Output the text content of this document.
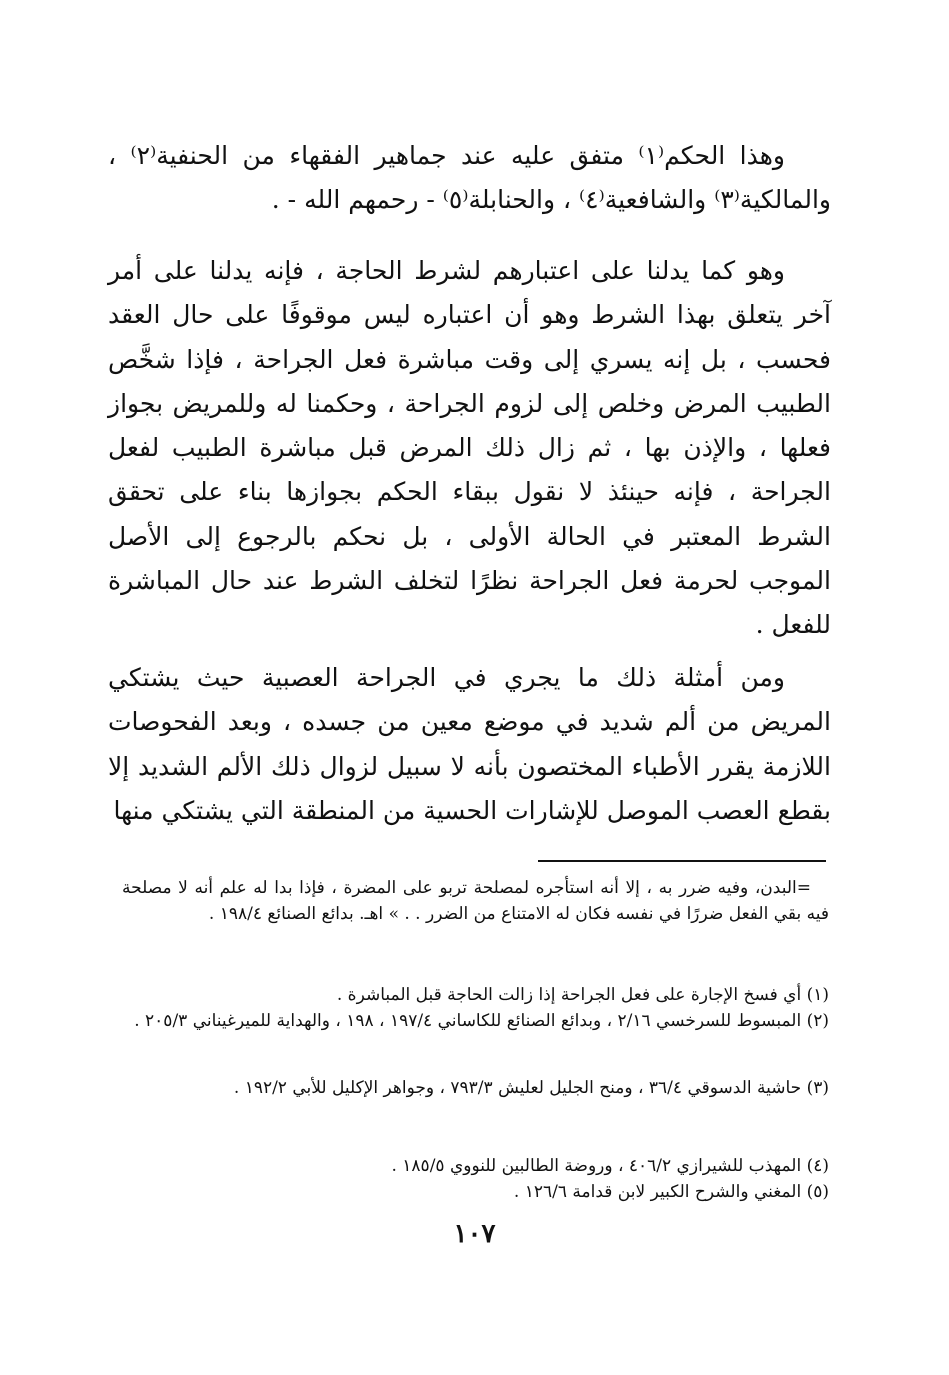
وهذا الحكم⁽١⁾ متفق عليه عند جماهير الفقهاء من الحنفية⁽٢⁾ ، والمالكية⁽٣⁾ والشافعية⁽٤⁾ ، والحنابلة⁽٥⁾ - رحمهم الله - .

وهو كما يدلنا على اعتبارهم لشرط الحاجة ، فإنه يدلنا على أمر آخر يتعلق بهذا الشرط وهو أن اعتباره ليس موقوفًا على حال العقد فحسب ، بل إنه يسري إلى وقت مباشرة فعل الجراحة ، فإذا شخَّص الطبيب المرض وخلص إلى لزوم الجراحة ، وحكمنا له وللمريض بجواز فعلها ، والإذن بها ، ثم زال ذلك المرض قبل مباشرة الطبيب لفعل الجراحة ، فإنه حينئذ لا نقول ببقاء الحكم بجوازها بناء على تحقق الشرط المعتبر في الحالة الأولى ، بل نحكم بالرجوع إلى الأصل الموجب لحرمة فعل الجراحة نظرًا لتخلف الشرط عند حال المباشرة للفعل .

ومن أمثلة ذلك ما يجري في الجراحة العصبية حيث يشتكي المريض من ألم شديد في موضع معين من جسده ، وبعد الفحوصات اللازمة يقرر الأطباء المختصون بأنه لا سبيل لزوال ذلك الألم الشديد إلا بقطع العصب الموصل للإشارات الحسية من المنطقة التي يشتكي منها

=البدن، وفيه ضرر به ، إلا أنه استأجره لمصلحة تربو على المضرة ، فإذا بدا له علم أنه لا مصلحة فيه بقي الفعل ضررًا في نفسه فكان له الامتناع من الضرر . . » اهـ. بدائع الصنائع ١٩٨/٤ .

(١) أي فسخ الإجارة على فعل الجراحة إذا زالت الحاجة قبل المباشرة .

(٢) المبسوط للسرخسي ٢/١٦ ، وبدائع الصنائع للكاساني ١٩٧/٤ ، ١٩٨ ، والهداية للميرغيناني ٢٠٥/٣ .

(٣) حاشية الدسوقي ٣٦/٤ ، ومنح الجليل لعليش ٧٩٣/٣ ، وجواهر الإكليل للأبي ١٩٢/٢ .

(٤) المهذب للشيرازي ٤٠٦/٢ ، وروضة الطالبين للنووي ١٨٥/٥ .

(٥) المغني والشرح الكبير لابن قدامة ١٢٦/٦ .

١٠٧
